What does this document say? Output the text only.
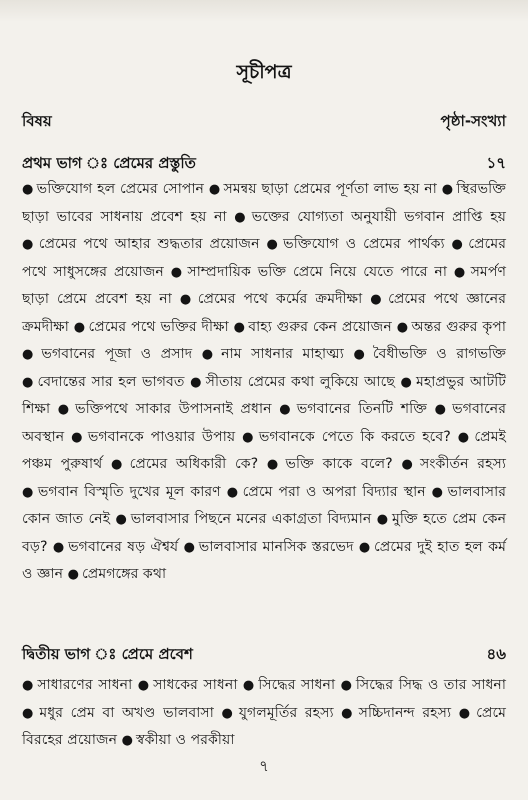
সূচীপত্র
বিষয়	পৃষ্ঠা-সংখ্যা
প্রথম ভাগ ঃ প্রেমের প্রস্তুতি	১৭
● ভক্তিযোগ হল প্রেমের সোপান ● সমন্বয় ছাড়া প্রেমের পূর্ণতা লাভ হয় না ● স্থিরভক্তি ছাড়া ভাবের সাধনায় প্রবেশ হয় না ● ভক্তের যোগ্যতা অনুযায়ী ভগবান প্রাপ্তি হয় ● প্রেমের পথে আহার শুদ্ধতার প্রয়োজন ● ভক্তিযোগ ও প্রেমের পার্থক্য ● প্রেমের পথে সাধুসঙ্গের প্রয়োজন ● সাম্প্রদায়িক ভক্তি প্রেমে নিয়ে যেতে পারে না ● সমর্পণ ছাড়া প্রেমে প্রবেশ হয় না ● প্রেমের পথে কর্মের ক্রমদীক্ষা ● প্রেমের পথে জ্ঞানের ক্রমদীক্ষা ● প্রেমের পথে ভক্তির দীক্ষা ● বাহ্য গুরুর কেন প্রয়োজন ● অন্তর গুরুর কৃপা ● ভগবানের পূজা ও প্রসাদ ● নাম সাধনার মাহাত্ম্য ● বৈধীভক্তি ও রাগভক্তি ● বেদান্তের সার হল ভাগবত ● সীতায় প্রেমের কথা লুকিয়ে আছে ● মহাপ্রভুর আটটি শিক্ষা ● ভক্তিপথে সাকার উপাসনাই প্রধান ● ভগবানের তিনটি শক্তি ● ভগবানের অবস্থান ● ভগবানকে পাওয়ার উপায় ● ভগবানকে পেতে কি করতে হবে? ● প্রেমই পঞ্চম পুরুষার্থ ● প্রেমের অধিকারী কে? ● ভক্তি কাকে বলে? ● সংকীর্তন রহস্য ● ভগবান বিস্মৃতি দুখের মূল কারণ ● প্রেমে পরা ও অপরা বিদ্যার স্থান ● ভালবাসার কোন জাত নেই ● ভালবাসার পিছনে মনের একাগ্রতা বিদ্যমান ● মুক্তি হতে প্রেম কেন বড়? ● ভগবানের ষড় ঐশ্বর্য ● ভালবাসার মানসিক স্তরভেদ ● প্রেমের দুই হাত হল কর্ম ও জ্ঞান ● প্রেমগঙ্গের কথা
দ্বিতীয় ভাগ ঃ প্রেমে প্রবেশ	৪৬
● সাধারণের সাধনা ● সাধকের সাধনা ● সিদ্ধের সাধনা ● সিদ্ধের সিদ্ধ ও তার সাধনা ● মধুর প্রেম বা অখণ্ড ভালবাসা ● যুগলমূর্তির রহস্য ● সচ্চিদানন্দ রহস্য ● প্রেমে বিরহের প্রয়োজন ● স্বকীয়া ও পরকীয়া
৭
